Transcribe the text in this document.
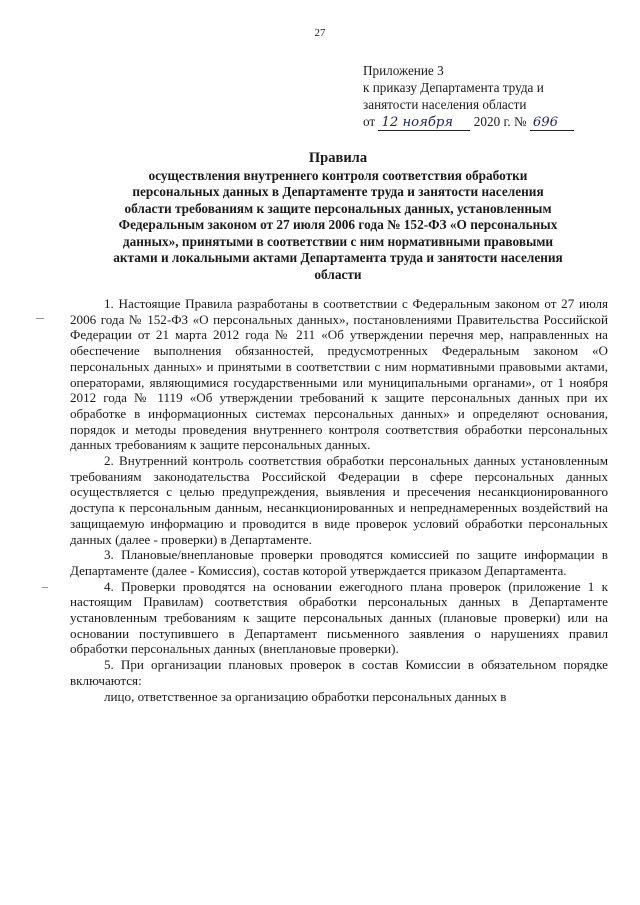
27
Приложение 3
к приказу Департамента труда и
занятости населения области
от 12 ноября 2020 г. № 696
Правила
осуществления внутреннего контроля соответствия обработки
персональных данных в Департаменте труда и занятости населения
области требованиям к защите персональных данных, установленным
Федеральным законом от 27 июля 2006 года № 152-ФЗ «О персональных
данных», принятыми в соответствии с ним нормативными правовыми
актами и локальными актами Департамента труда и занятости населения
области

1. Настоящие Правила разработаны в соответствии с Федеральным законом от 27 июля 2006 года № 152-ФЗ «О персональных данных», постановлениями Правительства Российской Федерации от 21 марта 2012 года № 211 «Об утверждении перечня мер, направленных на обеспечение выполнения обязанностей, предусмотренных Федеральным законом «О персональных данных» и принятыми в соответствии с ним нормативными правовыми актами, операторами, являющимися государственными или муниципальными органами», от 1 ноября 2012 года № 1119 «Об утверждении требований к защите персональных данных при их обработке в информационных системах персональных данных» и определяют основания, порядок и методы проведения внутреннего контроля соответствия обработки персональных данных требованиям к защите персональных данных.

2. Внутренний контроль соответствия обработки персональных данных установленным требованиям законодательства Российской Федерации в сфере персональных данных осуществляется с целью предупреждения, выявления и пресечения несанкционированного доступа к персональным данным, несанкционированных и непреднамеренных воздействий на защищаемую информацию и проводится в виде проверок условий обработки персональных данных (далее - проверки) в Департаменте.

3. Плановые/внеплановые проверки проводятся комиссией по защите информации в Департаменте (далее - Комиссия), состав которой утверждается приказом Департамента.

4. Проверки проводятся на основании ежегодного плана проверок (приложение 1 к настоящим Правилам) соответствия обработки персональных данных в Департаменте установленным требованиям к защите персональных данных (плановые проверки) или на основании поступившего в Департамент письменного заявления о нарушениях правил обработки персональных данных (внеплановые проверки).

5. При организации плановых проверок в состав Комиссии в обязательном порядке включаются:

лицо, ответственное за организацию обработки персональных данных в
